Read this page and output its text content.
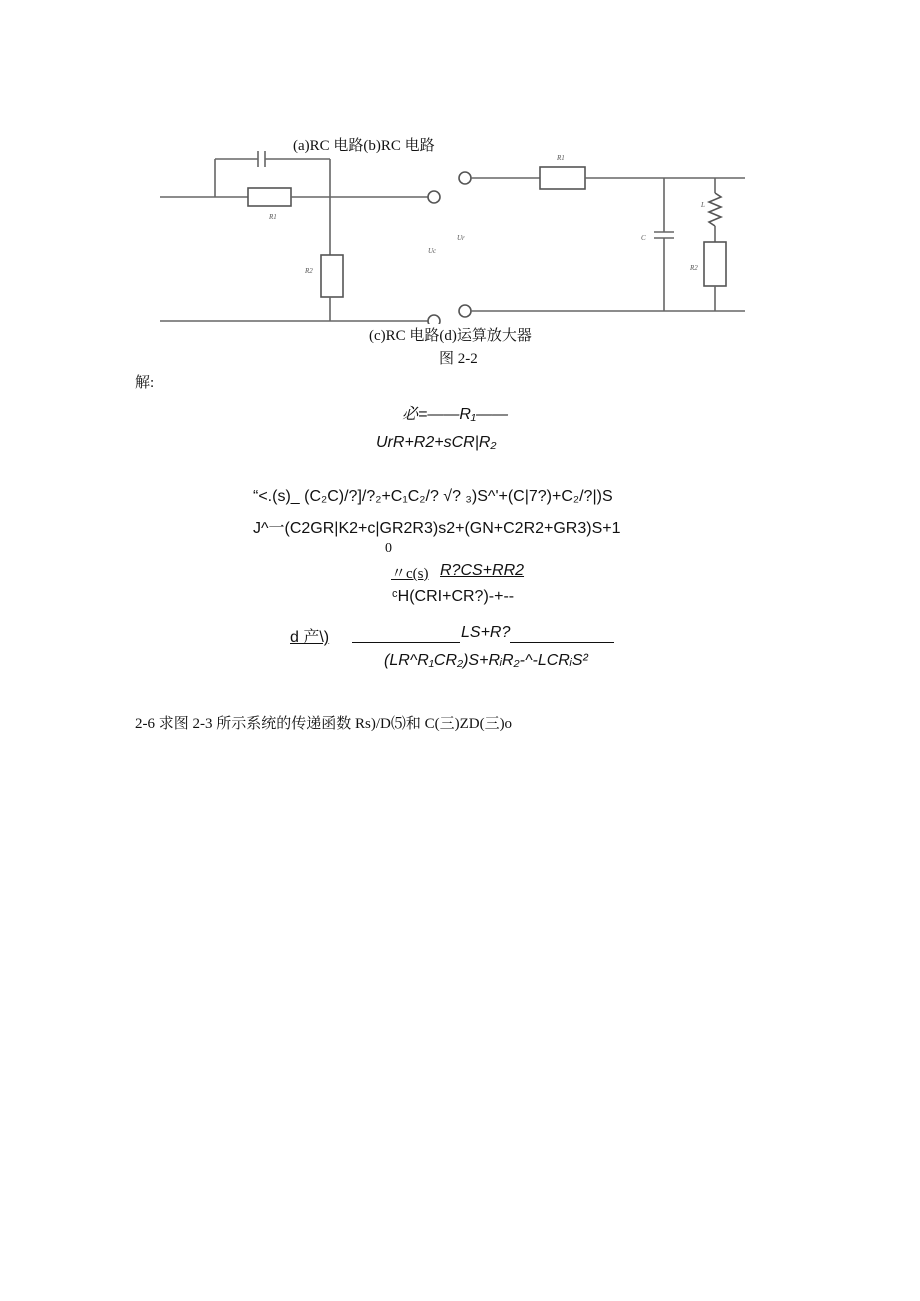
R1
R2
Uc
Ur
R1
C
L
R2
(a)RC 电路(b)RC 电路
(c)RC 电路(d)运算放大器
图 2-2
解:
必=——R₁——
UrR+R2+sCR|R₂
“<.(s)_ (C₂C)/?]/?₂+C₁C₂/? √? ₃)S^'+(C|7?)+C₂/?|)S
J^一(C2GR|K2+c|GR2R3)s2+(GN+C2R2+GR3)S+1
0
〃c(s) R?CS+RR2
ᶜH(CRI+CR?)-+--
d 产\)	LS+R?
(LR^R₁CR₂)S+RᵢR₂-^-LCRᵢS²
2-6 求图 2-3 所示系统的传递函数 Rs)/D⑸和 C(三)ZD(三)o
